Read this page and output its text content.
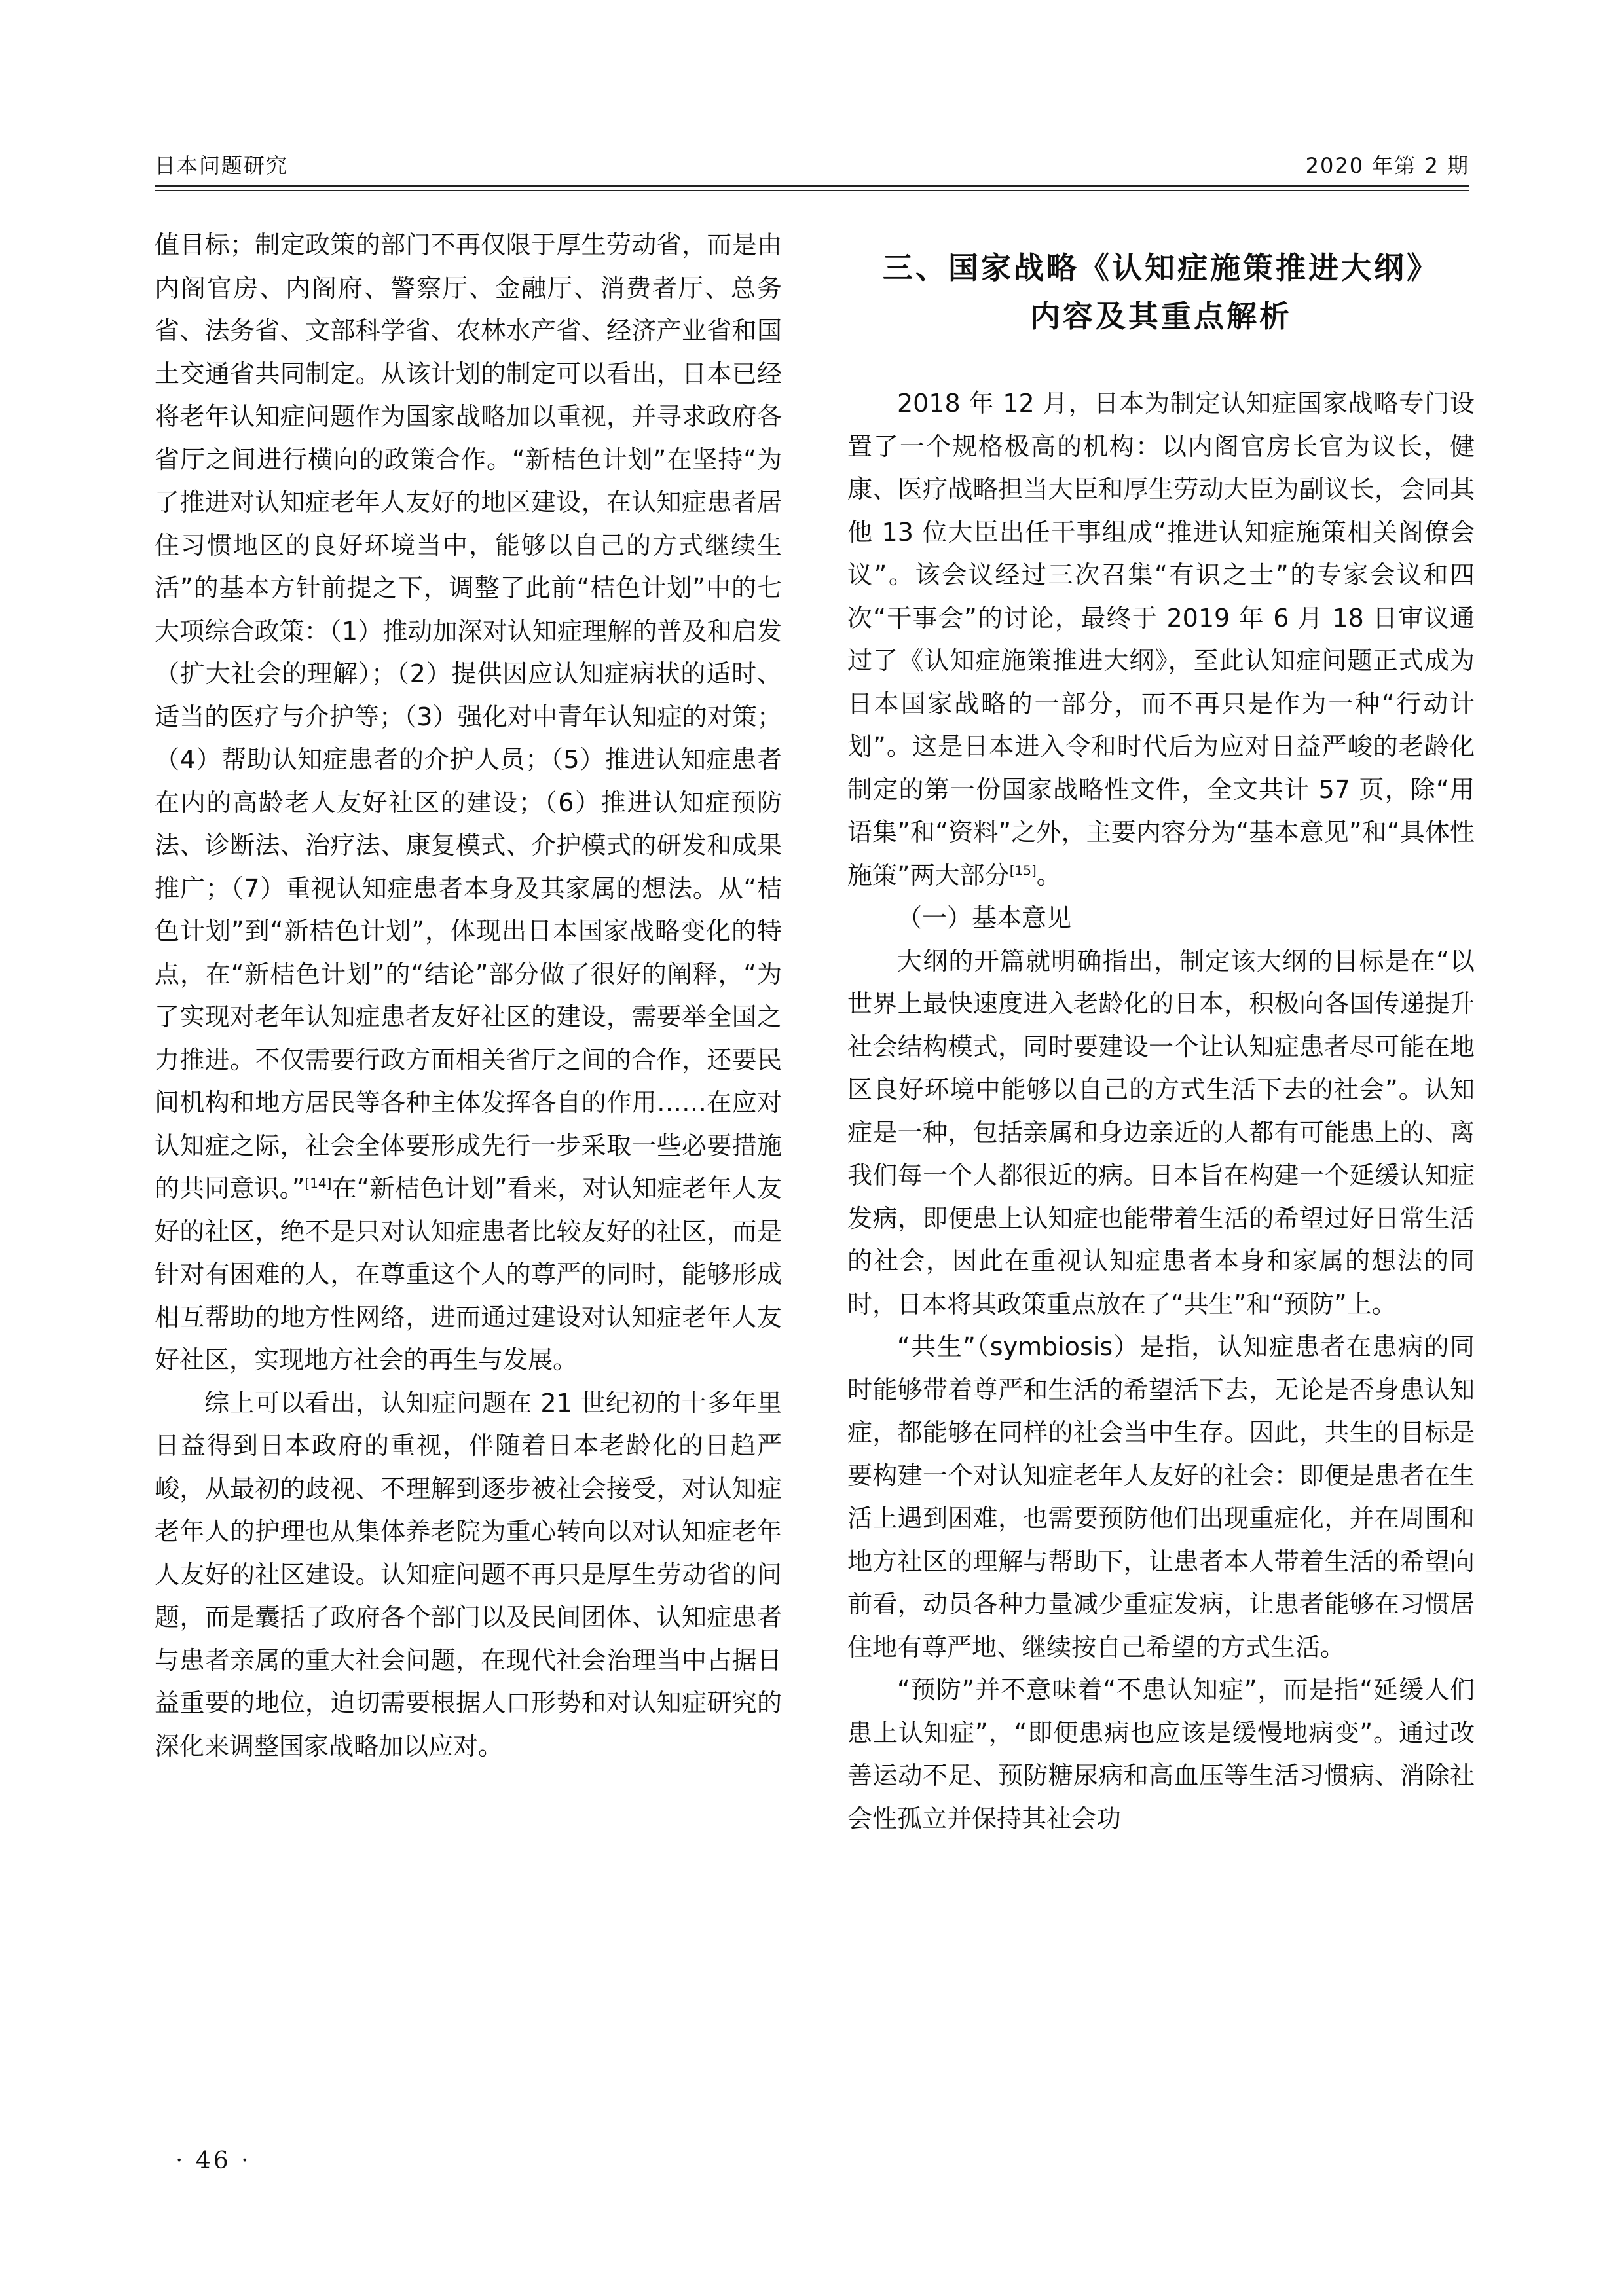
日本问题研究	2020 年第 2 期

值目标；制定政策的部门不再仅限于厚生劳动省，而是由内阁官房、内阁府、警察厅、金融厅、消费者厅、总务省、法务省、文部科学省、农林水产省、经济产业省和国土交通省共同制定。从该计划的制定可以看出，日本已经将老年认知症问题作为国家战略加以重视，并寻求政府各省厅之间进行横向的政策合作。“新桔色计划”在坚持“为了推进对认知症老年人友好的地区建设，在认知症患者居住习惯地区的良好环境当中，能够以自己的方式继续生活”的基本方针前提之下，调整了此前“桔色计划”中的七大项综合政策：（1）推动加深对认知症理解的普及和启发（扩大社会的理解）；（2）提供因应认知症病状的适时、适当的医疗与介护等；（3）强化对中青年认知症的对策；（4）帮助认知症患者的介护人员；（5）推进认知症患者在内的高龄老人友好社区的建设；（6）推进认知症预防法、诊断法、治疗法、康复模式、介护模式的研发和成果推广；（7）重视认知症患者本身及其家属的想法。从“桔色计划”到“新桔色计划”，体现出日本国家战略变化的特点，在“新桔色计划”的“结论”部分做了很好的阐释，“为了实现对老年认知症患者友好社区的建设，需要举全国之力推进。不仅需要行政方面相关省厅之间的合作，还要民间机构和地方居民等各种主体发挥各自的作用……在应对认知症之际，社会全体要形成先行一步采取一些必要措施的共同意识。”[14]在“新桔色计划”看来，对认知症老年人友好的社区，绝不是只对认知症患者比较友好的社区，而是针对有困难的人，在尊重这个人的尊严的同时，能够形成相互帮助的地方性网络，进而通过建设对认知症老年人友好社区，实现地方社会的再生与发展。

综上可以看出，认知症问题在 21 世纪初的十多年里日益得到日本政府的重视，伴随着日本老龄化的日趋严峻，从最初的歧视、不理解到逐步被社会接受，对认知症老年人的护理也从集体养老院为重心转向以对认知症老年人友好的社区建设。认知症问题不再只是厚生劳动省的问题，而是囊括了政府各个部门以及民间团体、认知症患者与患者亲属的重大社会问题，在现代社会治理当中占据日益重要的地位，迫切需要根据人口形势和对认知症研究的深化来调整国家战略加以应对。

三、国家战略《认知症施策推进大纲》
内容及其重点解析

2018 年 12 月，日本为制定认知症国家战略专门设置了一个规格极高的机构：以内阁官房长官为议长，健康、医疗战略担当大臣和厚生劳动大臣为副议长，会同其他 13 位大臣出任干事组成“推进认知症施策相关阁僚会议”。该会议经过三次召集“有识之士”的专家会议和四次“干事会”的讨论，最终于 2019 年 6 月 18 日审议通过了《认知症施策推进大纲》，至此认知症问题正式成为日本国家战略的一部分，而不再只是作为一种“行动计划”。这是日本进入令和时代后为应对日益严峻的老龄化制定的第一份国家战略性文件，全文共计 57 页，除“用语集”和“资料”之外，主要内容分为“基本意见”和“具体性施策”两大部分[15]。

（一）基本意见

大纲的开篇就明确指出，制定该大纲的目标是在“以世界上最快速度进入老龄化的日本，积极向各国传递提升社会结构模式，同时要建设一个让认知症患者尽可能在地区良好环境中能够以自己的方式生活下去的社会”。认知症是一种，包括亲属和身边亲近的人都有可能患上的、离我们每一个人都很近的病。日本旨在构建一个延缓认知症发病，即便患上认知症也能带着生活的希望过好日常生活的社会，因此在重视认知症患者本身和家属的想法的同时，日本将其政策重点放在了“共生”和“预防”上。

“共生”（symbiosis）是指，认知症患者在患病的同时能够带着尊严和生活的希望活下去，无论是否身患认知症，都能够在同样的社会当中生存。因此，共生的目标是要构建一个对认知症老年人友好的社会：即便是患者在生活上遇到困难，也需要预防他们出现重症化，并在周围和地方社区的理解与帮助下，让患者本人带着生活的希望向前看，动员各种力量减少重症发病，让患者能够在习惯居住地有尊严地、继续按自己希望的方式生活。

“预防”并不意味着“不患认知症”，而是指“延缓人们患上认知症”，“即便患病也应该是缓慢地病变”。通过改善运动不足、预防糖尿病和高血压等生活习惯病、消除社会性孤立并保持其社会功

· 46 ·
